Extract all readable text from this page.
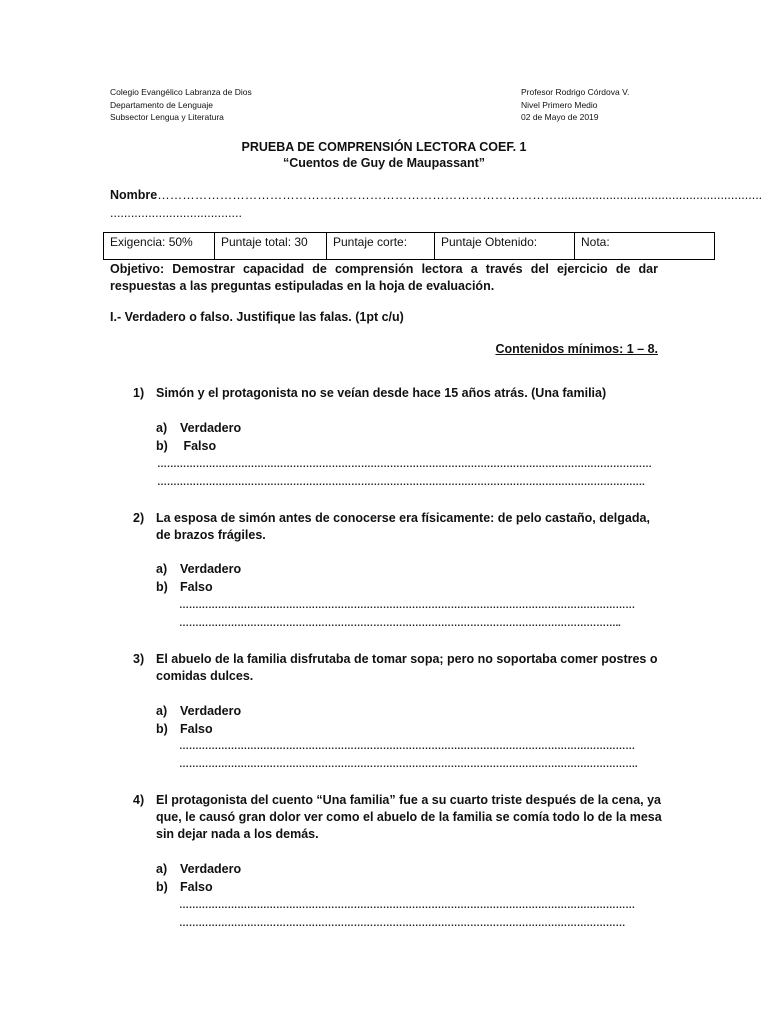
Colegio Evangélico Labranza de Dios
Departamento de Lenguaje
Subsector Lengua y Literatura
Profesor Rodrigo Córdova V.
Nivel Primero Medio
02 de Mayo de 2019
PRUEBA DE COMPRENSIÓN LECTORA COEF. 1
“Cuentos de Guy de Maupassant”
Nombre……………………………………………………………………………………...........................................................
......................................
Exigencia: 50%	Puntaje total: 30	Puntaje corte:	Puntaje Obtenido:	Nota:
Objetivo: Demostrar capacidad de comprensión lectora a través del ejercicio de dar respuestas a las preguntas estipuladas en la hoja de evaluación.
I.- Verdadero o falso. Justifique las falas. (1pt c/u)
Contenidos mínimos: 1 – 8.
1) Simón y el protagonista no se veían desde hace 15 años atrás. (Una familia)
a) Verdadero
b) Falso
………………………………………………………………………………………………………………………………………
…………………………………………………………………………………………………………………………………….
2) La esposa de simón antes de conocerse era físicamente: de pelo castaño, delgada, de brazos frágiles.
a) Verdadero
b) Falso
……………………………………………………………………………………………………………………………
………………………………………………………………………………………………………………………..
3) El abuelo de la familia disfrutaba de tomar sopa; pero no soportaba comer postres o comidas dulces.
a) Verdadero
b) Falso
……………………………………………………………………………………………………………………………
…………………………………………………………………………………………………………………………….
4) El protagonista del cuento “Una familia” fue a su cuarto triste después de la cena, ya que, le causó gran dolor ver como el abuelo de la familia se comía todo lo de la mesa sin dejar nada a los demás.
a) Verdadero
b) Falso
……………………………………………………………………………………………………………………………
…………………………………………………………………………………………………………………………
